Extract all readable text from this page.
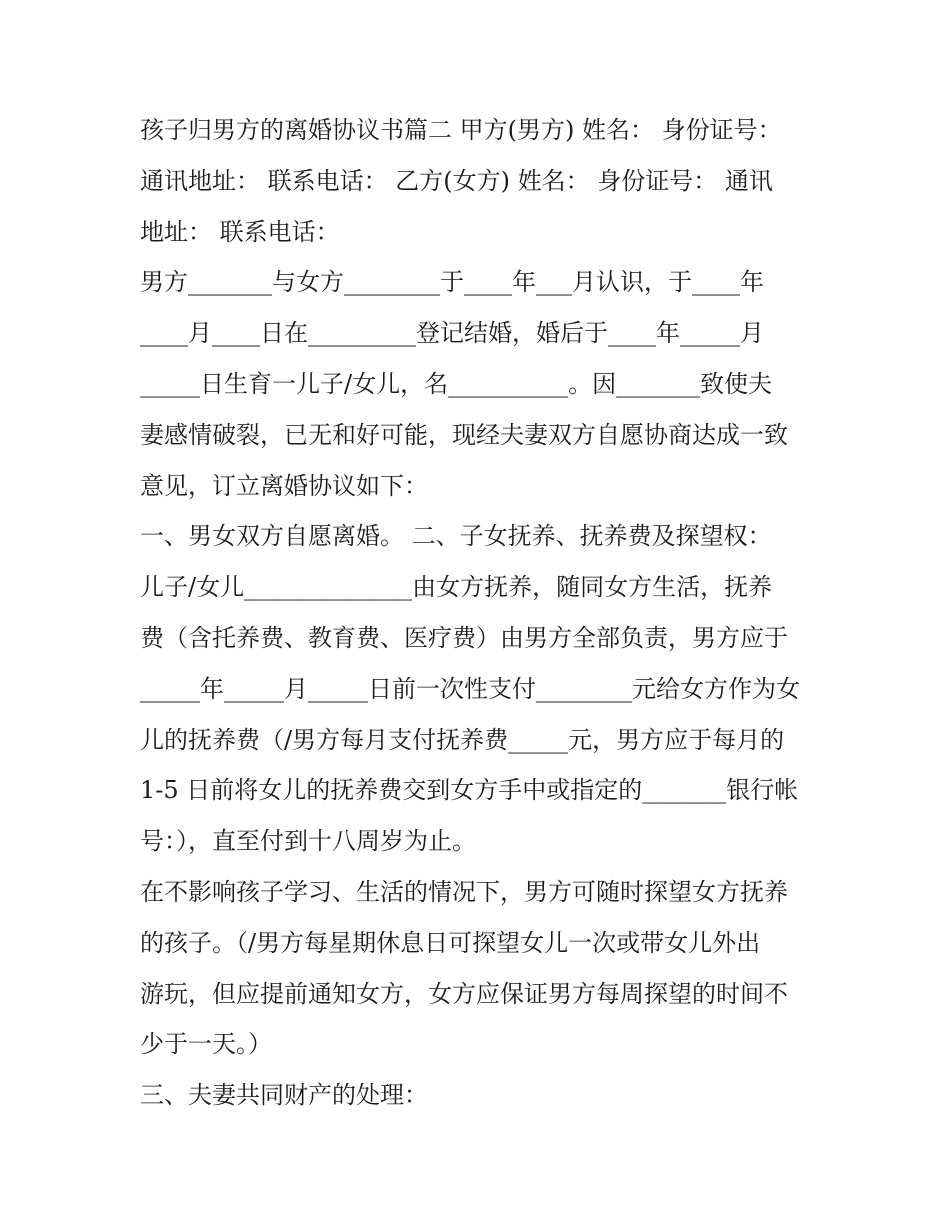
孩子归男方的离婚协议书篇二 甲方(男方) 姓名： 身份证号：
通讯地址： 联系电话： 乙方(女方) 姓名： 身份证号： 通讯
地址： 联系电话：
男方_______与女方________于____年___月认识，于____年
____月____日在_________登记结婚，婚后于____年_____月
_____日生育一儿子/女儿，名__________。因_______致使夫
妻感情破裂，已无和好可能，现经夫妻双方自愿协商达成一致
意见，订立离婚协议如下：
一、男女双方自愿离婚。 二、子女抚养、抚养费及探望权：
儿子/女儿______________由女方抚养，随同女方生活，抚养
费（含托养费、教育费、医疗费）由男方全部负责，男方应于
_____年_____月_____日前一次性支付________元给女方作为女
儿的抚养费（/男方每月支付抚养费_____元，男方应于每月的
1-5 日前将女儿的抚养费交到女方手中或指定的_______银行帐
号：），直至付到十八周岁为止。
在不影响孩子学习、生活的情况下，男方可随时探望女方抚养
的孩子。（/男方每星期休息日可探望女儿一次或带女儿外出
游玩，但应提前通知女方，女方应保证男方每周探望的时间不
少于一天。）
三、夫妻共同财产的处理：
